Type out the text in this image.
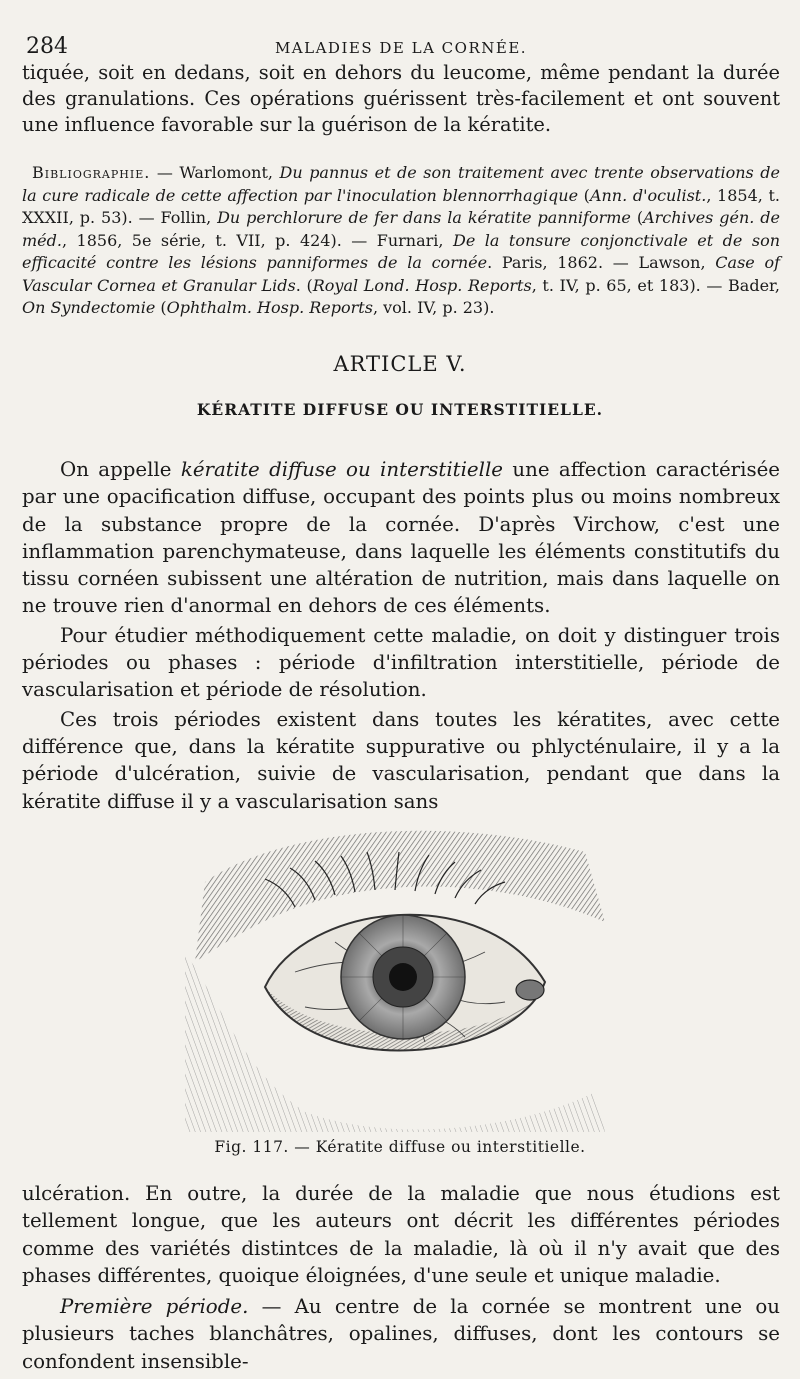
284	MALADIES DE LA CORNÉE.
tiquée, soit en dedans, soit en dehors du leucome, même pendant la durée des granulations. Ces opérations guérissent très-facilement et ont souvent une influence favorable sur la guérison de la kératite.
Bibliographie. — Warlomont, Du pannus et de son traitement avec trente observations de la cure radicale de cette affection par l'inoculation blennorrhagique (Ann. d'oculist., 1854, t. XXXII, p. 53). — Follin, Du perchlorure de fer dans la kératite panniforme (Archives gén. de méd., 1856, 5e série, t. VII, p. 424). — Furnari, De la tonsure conjonctivale et de son efficacité contre les lésions panniformes de la cornée. Paris, 1862. — Lawson, Case of Vascular Cornea et Granular Lids. (Royal Lond. Hosp. Reports, t. IV, p. 65, et 183). — Bader, On Syndectomie (Ophthalm. Hosp. Reports, vol. IV, p. 23).
ARTICLE V.
KÉRATITE DIFFUSE OU INTERSTITIELLE.

On appelle kératite diffuse ou interstitielle une affection caractérisée par une opacification diffuse, occupant des points plus ou moins nombreux de la substance propre de la cornée. D'après Virchow, c'est une inflammation parenchymateuse, dans laquelle les éléments constitutifs du tissu cornéen subissent une altération de nutrition, mais dans laquelle on ne trouve rien d'anormal en dehors de ces éléments.

Pour étudier méthodiquement cette maladie, on doit y distinguer trois périodes ou phases : période d'infiltration interstitielle, période de vascularisation et période de résolution.

Ces trois périodes existent dans toutes les kératites, avec cette différence que, dans la kératite suppurative ou phlycténulaire, il y a la période d'ulcération, suivie de vascularisation, pendant que dans la kératite diffuse il y a vascularisation sans

Fig. 117. — Kératite diffuse ou interstitielle.

ulcération. En outre, la durée de la maladie que nous étudions est tellement longue, que les auteurs ont décrit les différentes périodes comme des variétés distintces de la maladie, là où il n'y avait que des phases différentes, quoique éloignées, d'une seule et unique maladie.

Première période. — Au centre de la cornée se montrent une ou plusieurs taches blanchâtres, opalines, diffuses, dont les contours se confondent insensible-
